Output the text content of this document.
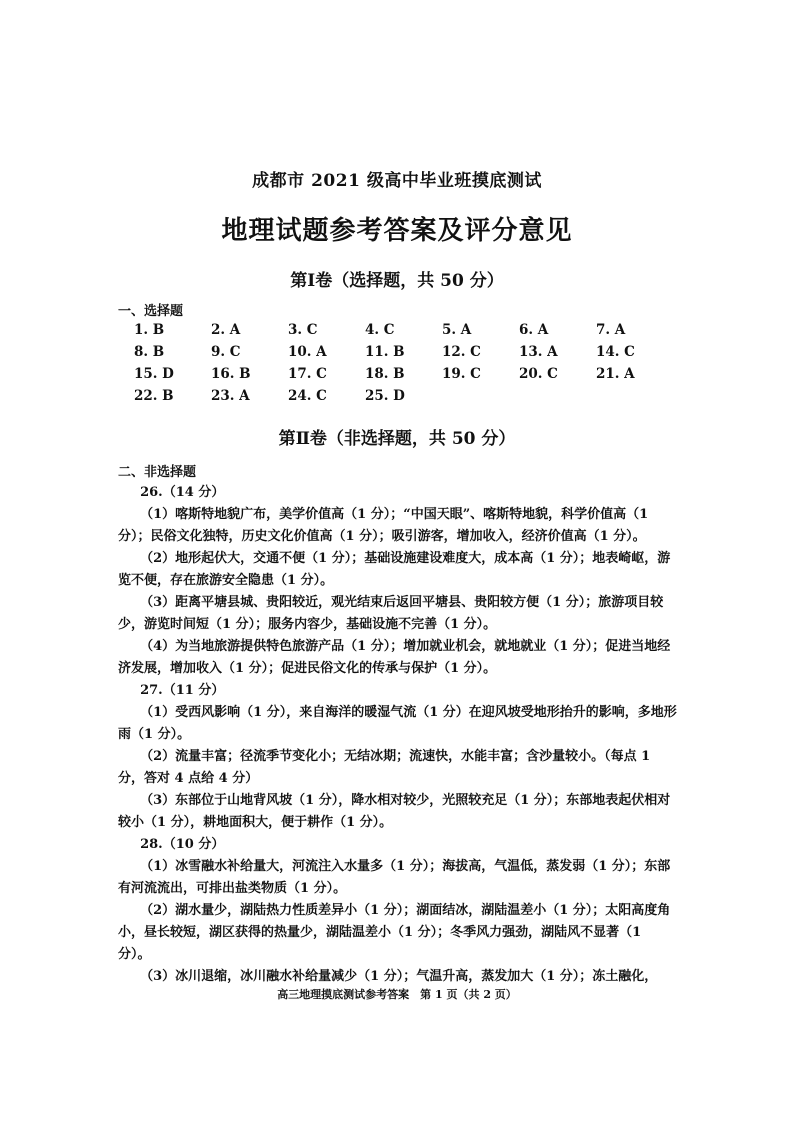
成都市 2021 级高中毕业班摸底测试
地理试题参考答案及评分意见
第Ⅰ卷（选择题，共 50 分）
一、选择题
1. B	2. A	3. C	4. C	5. A	6. A	7. A
8. B	9. C	10. A	11. B	12. C	13. A	14. C
15. D	16. B	17. C	18. B	19. C	20. C	21. A
22. B	23. A	24. C	25. D
第Ⅱ卷（非选择题，共 50 分）
二、非选择题

26.（14 分）

（1）喀斯特地貌广布，美学价值高（1 分）；“中国天眼”、喀斯特地貌，科学价值高（1 分）；民俗文化独特，历史文化价值高（1 分）；吸引游客，增加收入，经济价值高（1 分）。

（2）地形起伏大，交通不便（1 分）；基础设施建设难度大，成本高（1 分）；地表崎岖，游览不便，存在旅游安全隐患（1 分）。

（3）距离平塘县城、贵阳较近，观光结束后返回平塘县、贵阳较方便（1 分）；旅游项目较少，游览时间短（1 分）；服务内容少，基础设施不完善（1 分）。

（4）为当地旅游提供特色旅游产品（1 分）；增加就业机会，就地就业（1 分）；促进当地经济发展，增加收入（1 分）；促进民俗文化的传承与保护（1 分）。

27.（11 分）

（1）受西风影响（1 分），来自海洋的暖湿气流（1 分）在迎风坡受地形抬升的影响，多地形雨（1 分）。

（2）流量丰富；径流季节变化小；无结冰期；流速快，水能丰富；含沙量较小。（每点 1 分，答对 4 点给 4 分）

（3）东部位于山地背风坡（1 分），降水相对较少，光照较充足（1 分）；东部地表起伏相对较小（1 分），耕地面积大，便于耕作（1 分）。

28.（10 分）

（1）冰雪融水补给量大，河流注入水量多（1 分）；海拔高，气温低，蒸发弱（1 分）；东部有河流流出，可排出盐类物质（1 分）。

（2）湖水量少，湖陆热力性质差异小（1 分）；湖面结冰，湖陆温差小（1 分）；太阳高度角小，昼长较短，湖区获得的热量少，湖陆温差小（1 分）；冬季风力强劲，湖陆风不显著（1 分）。

（3）冰川退缩，冰川融水补给量减少（1 分）；气温升高，蒸发加大（1 分）；冻土融化，

高三地理摸底测试参考答案　第 1 页（共 2 页）
